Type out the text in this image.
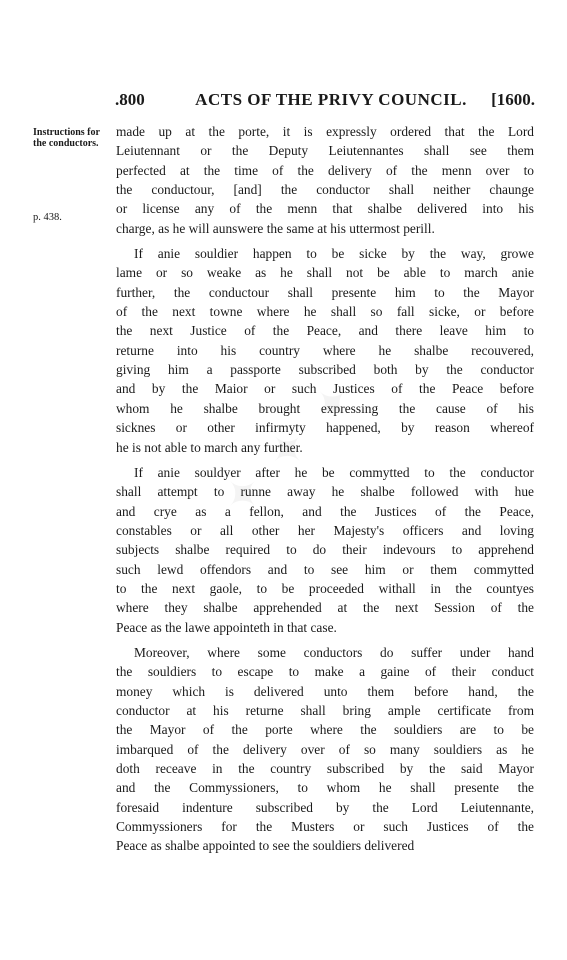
.800	ACTS OF THE PRIVY COUNCIL.	[1600.
Instructions for the conductors.
p. 438.
made up at the porte, it is expressly ordered that the Lord
Leiutennant or the Deputy Leiutennantes shall see them
perfected at the time of the delivery of the menn over to
the conductour, [and] the conductor shall neither chaunge
or license any of the menn that shalbe delivered into his
charge, as he will aunswere the same at his uttermost perill.
If anie souldier happen to be sicke by the way, growe
lame or so weake as he shall not be able to march anie
further, the conductour shall presente him to the Mayor
of the next towne where he shall so fall sicke, or before
the next Justice of the Peace, and there leave him to
returne into his country where he shalbe recouvered,
giving him a passporte subscribed both by the conductor
and by the Maior or such Justices of the Peace before
whom he shalbe brought expressing the cause of his
sicknes or other infirmyty happened, by reason whereof
he is not able to march any further.
If anie souldyer after he be commytted to the conductor
shall attempt to runne away he shalbe followed with hue
and crye as a fellon, and the Justices of the Peace,
constables or all other her Majesty's officers and loving
subjects shalbe required to do their indevours to apprehend
such lewd offendors and to see him or them commytted
to the next gaole, to be proceeded withall in the countyes
where they shalbe apprehended at the next Session of the
Peace as the lawe appointeth in that case.
Moreover, where some conductors do suffer under hand
the souldiers to escape to make a gaine of their conduct
money which is delivered unto them before hand, the
conductor at his returne shall bring ample certificate from
the Mayor of the porte where the souldiers are to be
imbarqued of the delivery over of so many souldiers as he
doth receave in the country subscribed by the said Mayor
and the Commyssioners, to whom he shall presente the
foresaid indenture subscribed by the Lord Leiutennante,
Commyssioners for the Musters or such Justices of the
Peace as shalbe appointed to see the souldiers delivered
